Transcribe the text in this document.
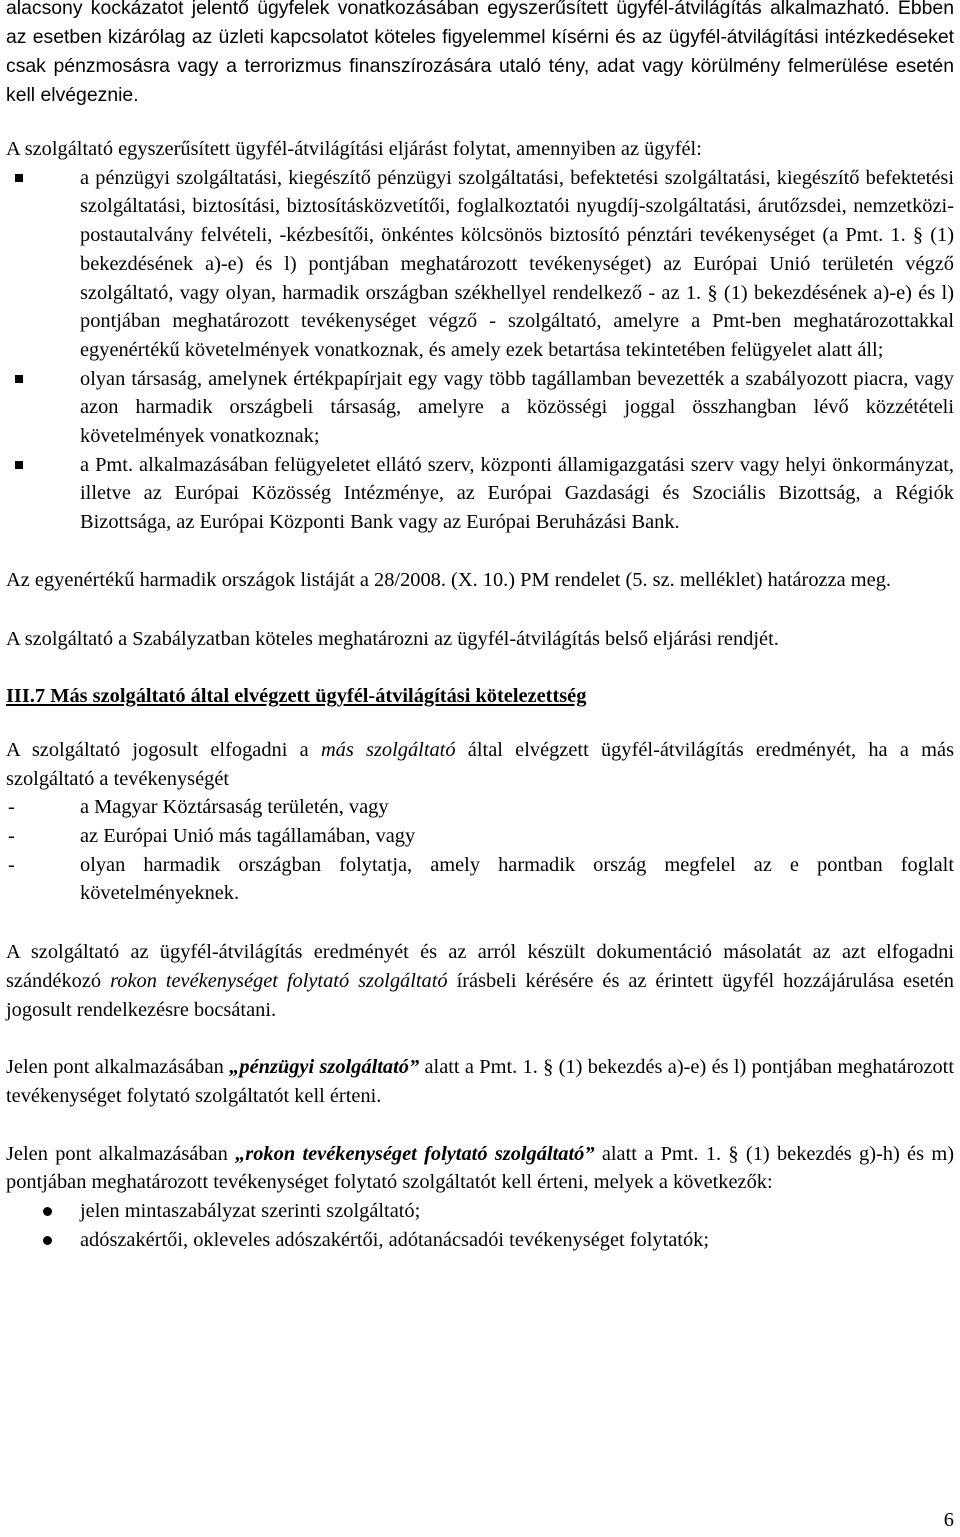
alacsony kockázatot jelentő ügyfelek vonatkozásában egyszerűsített ügyfél-átvilágítás alkalmazható. Ebben az esetben kizárólag az üzleti kapcsolatot köteles figyelemmel kísérni és az ügyfél-átvilágítási intézkedéseket csak pénzmosásra vagy a terrorizmus finanszírozására utaló tény, adat vagy körülmény felmerülése esetén kell elvégeznie.

A szolgáltató egyszerűsített ügyfél-átvilágítási eljárást folytat, amennyiben az ügyfél:

a pénzügyi szolgáltatási, kiegészítő pénzügyi szolgáltatási, befektetési szolgáltatási, kiegészítő befektetési szolgáltatási, biztosítási, biztosításközvetítői, foglalkoztatói nyugdíj-szolgáltatási, árutőzsdei, nemzetközi-postautalvány felvételi, -kézbesítői, önkéntes kölcsönös biztosító pénztári tevékenységet (a Pmt. 1. § (1) bekezdésének a)-e) és l) pontjában meghatározott tevékenységet) az Európai Unió területén végző szolgáltató, vagy olyan, harmadik országban székhellyel rendelkező - az 1. § (1) bekezdésének a)-e) és l) pontjában meghatározott tevékenységet végző - szolgáltató, amelyre a Pmt-ben meghatározottakkal egyenértékű követelmények vonatkoznak, és amely ezek betartása tekintetében felügyelet alatt áll;
olyan társaság, amelynek értékpapírjait egy vagy több tagállamban bevezették a szabályozott piacra, vagy azon harmadik országbeli társaság, amelyre a közösségi joggal összhangban lévő közzétételi követelmények vonatkoznak;
a Pmt. alkalmazásában felügyeletet ellátó szerv, központi államigazgatási szerv vagy helyi önkormányzat, illetve az Európai Közösség Intézménye, az Európai Gazdasági és Szociális Bizottság, a Régiók Bizottsága, az Európai Központi Bank vagy az Európai Beruházási Bank.

Az egyenértékű harmadik országok listáját a 28/2008. (X. 10.) PM rendelet (5. sz. melléklet) határozza meg.

A szolgáltató a Szabályzatban köteles meghatározni az ügyfél-átvilágítás belső eljárási rendjét.

III.7 Más szolgáltató által elvégzett ügyfél-átvilágítási kötelezettség

A szolgáltató jogosult elfogadni a más szolgáltató által elvégzett ügyfél-átvilágítás eredményét, ha a más szolgáltató a tevékenységét

-	a Magyar Köztársaság területén, vagy
-	az Európai Unió más tagállamában, vagy
-	olyan harmadik országban folytatja, amely harmadik ország megfelel az e pontban foglalt követelményeknek.

A szolgáltató az ügyfél-átvilágítás eredményét és az arról készült dokumentáció másolatát az azt elfogadni szándékozó rokon tevékenységet folytató szolgáltató írásbeli kérésére és az érintett ügyfél hozzájárulása esetén jogosult rendelkezésre bocsátani.

Jelen pont alkalmazásában „pénzügyi szolgáltató” alatt a Pmt. 1. § (1) bekezdés a)-e) és l) pontjában meghatározott tevékenységet folytató szolgáltatót kell érteni.

Jelen pont alkalmazásában „rokon tevékenységet folytató szolgáltató” alatt a Pmt. 1. § (1) bekezdés g)-h) és m) pontjában meghatározott tevékenységet folytató szolgáltatót kell érteni, melyek a következők:

jelen mintaszabályzat szerinti szolgáltató;
adószakértői, okleveles adószakértői, adótanácsadói tevékenységet folytatók;
6
